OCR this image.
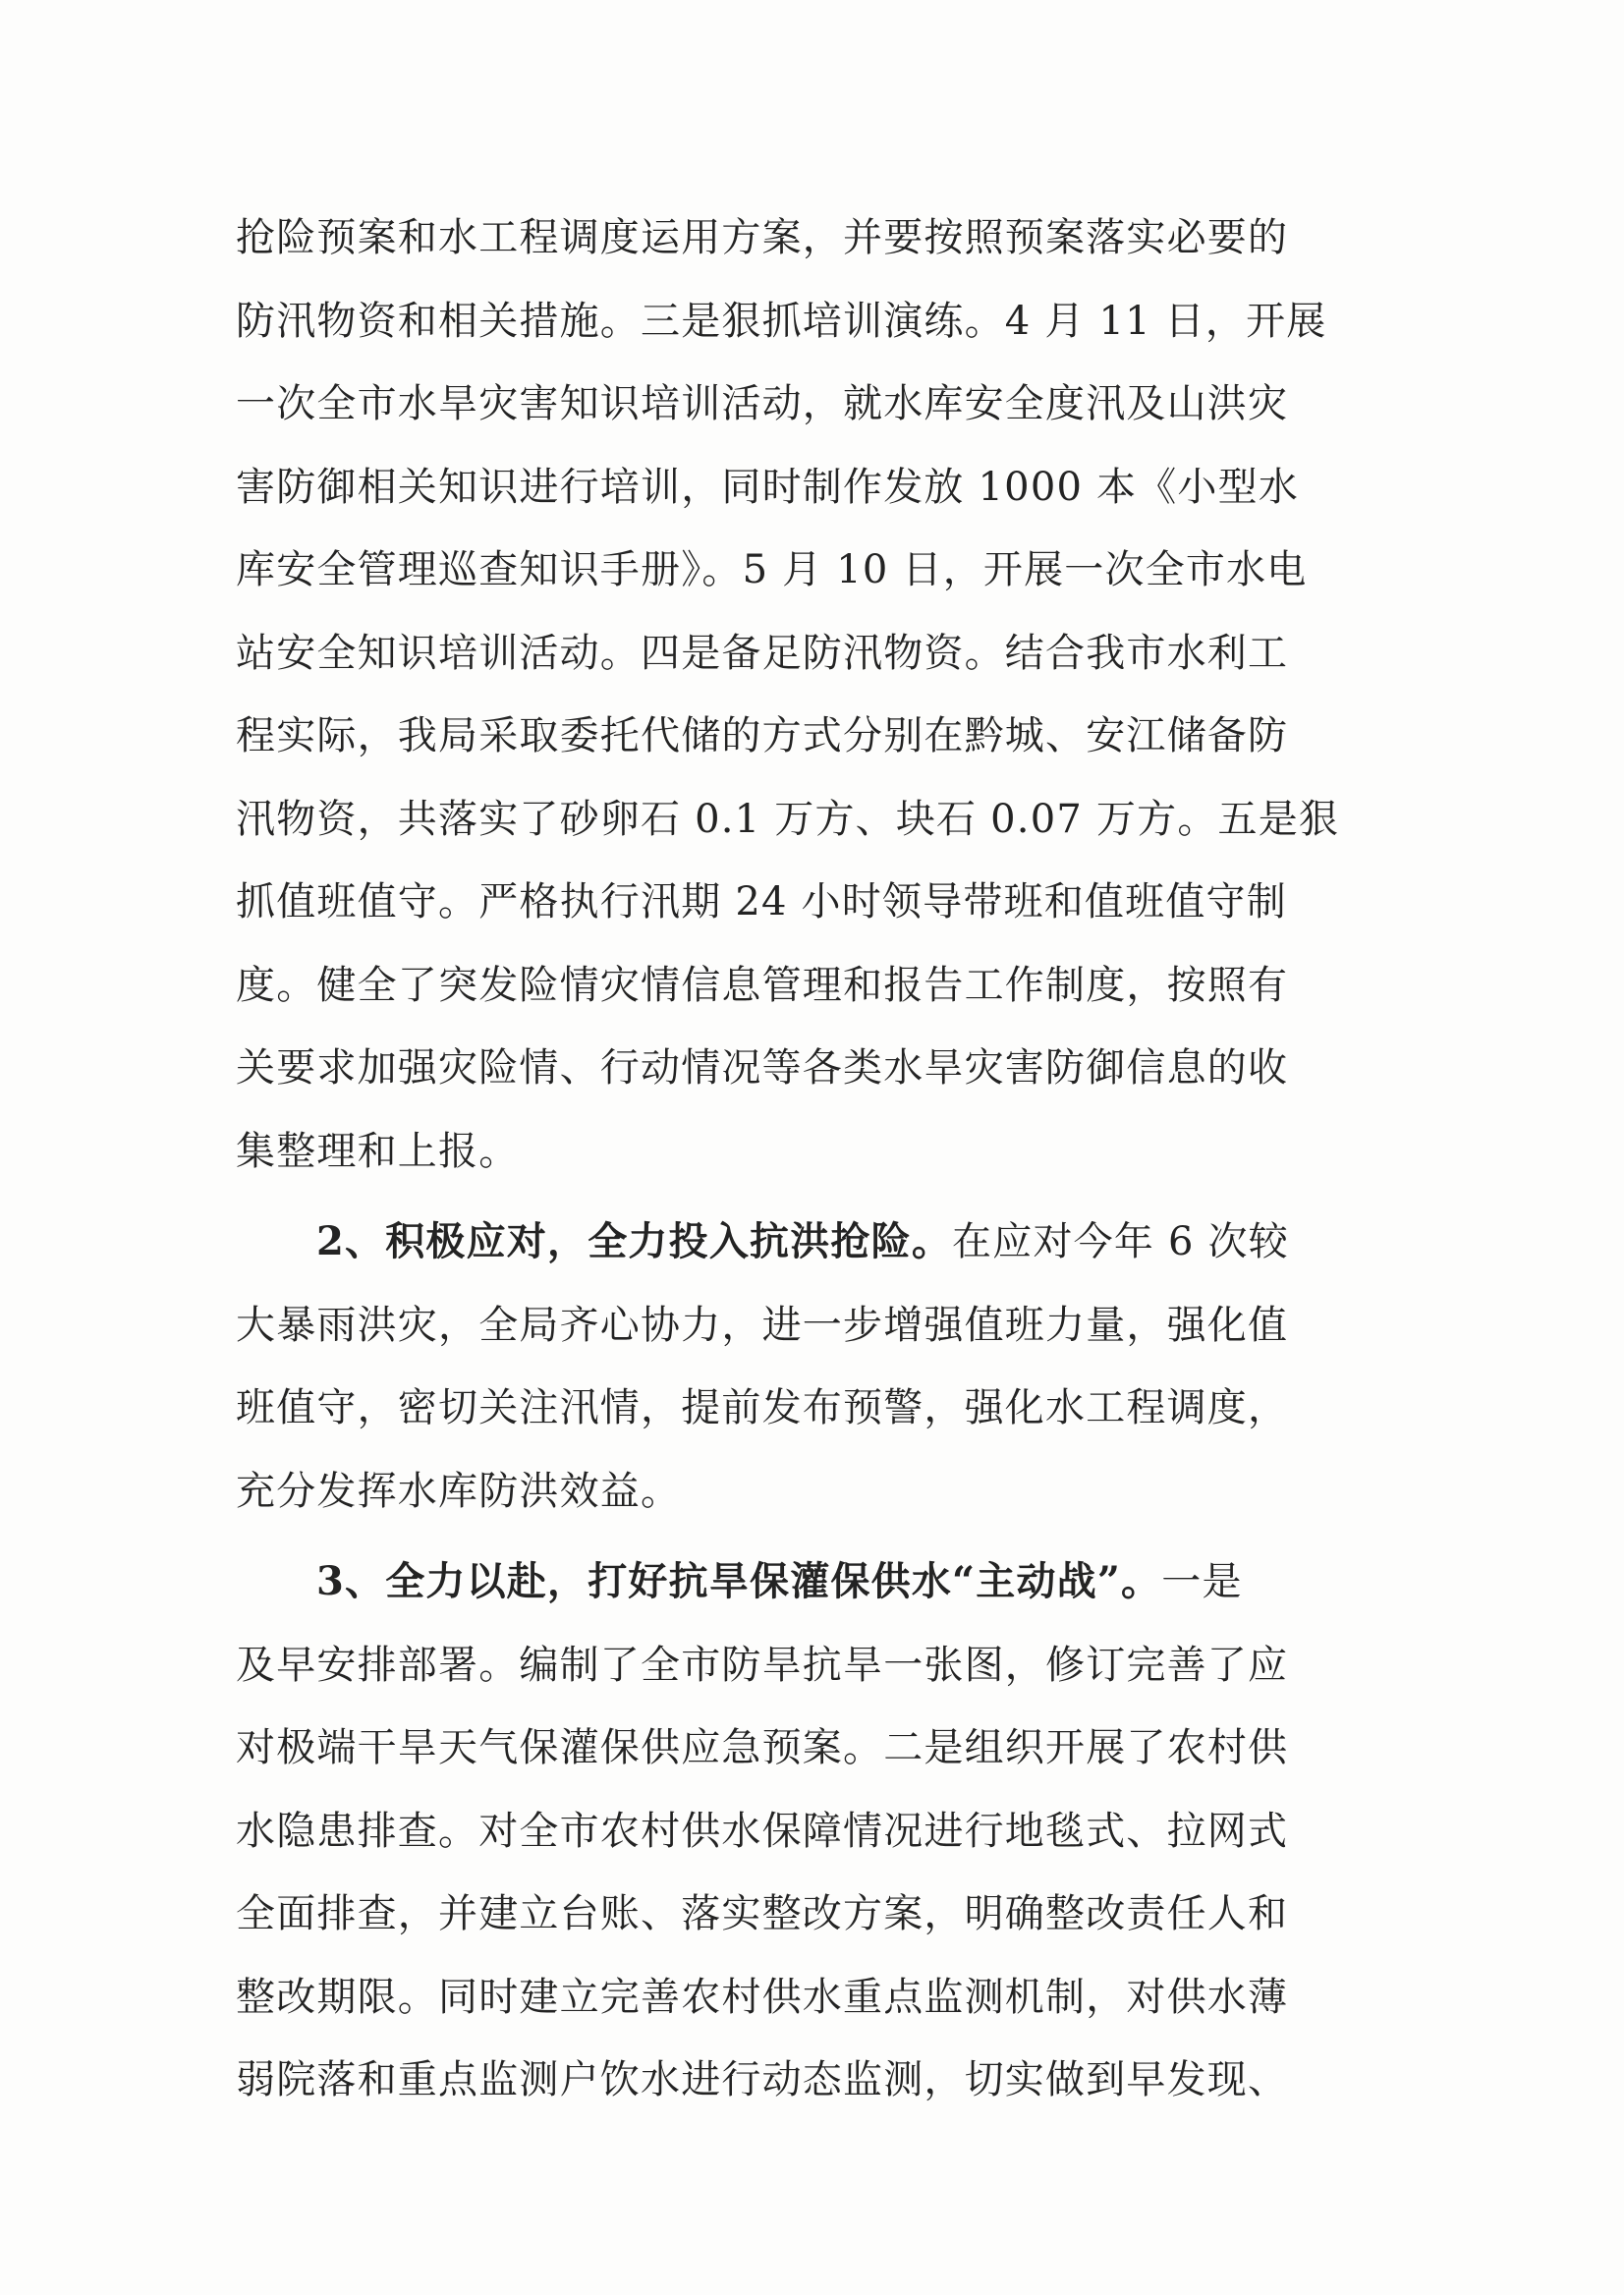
抢险预案和水工程调度运用方案，并要按照预案落实必要的
防汛物资和相关措施。三是狠抓培训演练。4 月 11 日，开展
一次全市水旱灾害知识培训活动，就水库安全度汛及山洪灾
害防御相关知识进行培训，同时制作发放 1000 本《小型水
库安全管理巡查知识手册》。5 月 10 日，开展一次全市水电
站安全知识培训活动。四是备足防汛物资。结合我市水利工
程实际，我局采取委托代储的方式分别在黔城、安江储备防
汛物资，共落实了砂卵石 0.1 万方、块石 0.07 万方。五是狠
抓值班值守。严格执行汛期 24 小时领导带班和值班值守制
度。健全了突发险情灾情信息管理和报告工作制度，按照有
关要求加强灾险情、行动情况等各类水旱灾害防御信息的收
集整理和上报。
2、积极应对，全力投入抗洪抢险。在应对今年 6 次较
大暴雨洪灾，全局齐心协力，进一步增强值班力量，强化值
班值守，密切关注汛情，提前发布预警，强化水工程调度，
充分发挥水库防洪效益。
3、全力以赴，打好抗旱保灌保供水“主动战”。一是
及早安排部署。编制了全市防旱抗旱一张图，修订完善了应
对极端干旱天气保灌保供应急预案。二是组织开展了农村供
水隐患排查。对全市农村供水保障情况进行地毯式、拉网式
全面排查，并建立台账、落实整改方案，明确整改责任人和
整改期限。同时建立完善农村供水重点监测机制，对供水薄
弱院落和重点监测户饮水进行动态监测，切实做到早发现、
